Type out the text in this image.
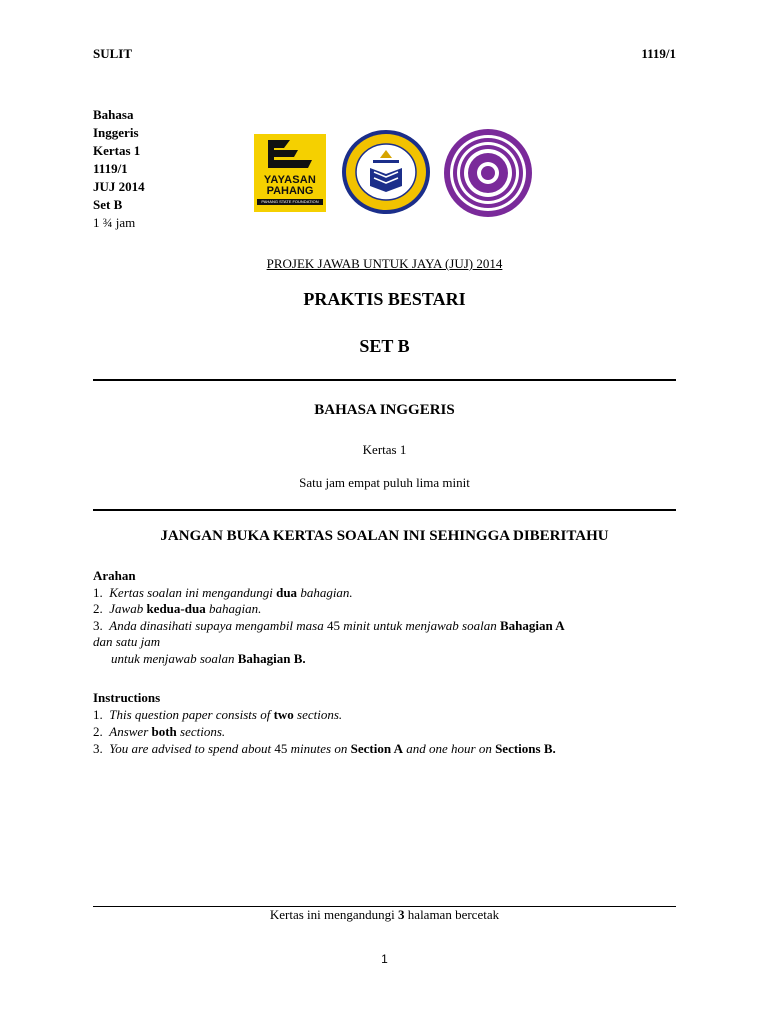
SULIT	1119/1
Bahasa
Inggeris
Kertas 1
1119/1
JUJ 2014
Set B
1 ¾ jam
YAYASAN
PAHANG
PAHANG STATE FOUNDATION
PROJEK JAWAB UNTUK JAYA (JUJ) 2014
PRAKTIS BESTARI
SET B
BAHASA INGGERIS
Kertas 1
Satu jam empat puluh lima minit
JANGAN BUKA KERTAS SOALAN INI SEHINGGA DIBERITAHU
Arahan
1. Kertas soalan ini mengandungi dua bahagian.
2. Jawab kedua-dua bahagian.
3. Anda dinasihati supaya mengambil masa 45 minit untuk menjawab soalan Bahagian A
dan satu jam
untuk menjawab soalan Bahagian B.
Instructions
1. This question paper consists of two sections.
2. Answer both sections.
3. You are advised to spend about 45 minutes on Section A and one hour on Sections B.
Kertas ini mengandungi 3 halaman bercetak
1
